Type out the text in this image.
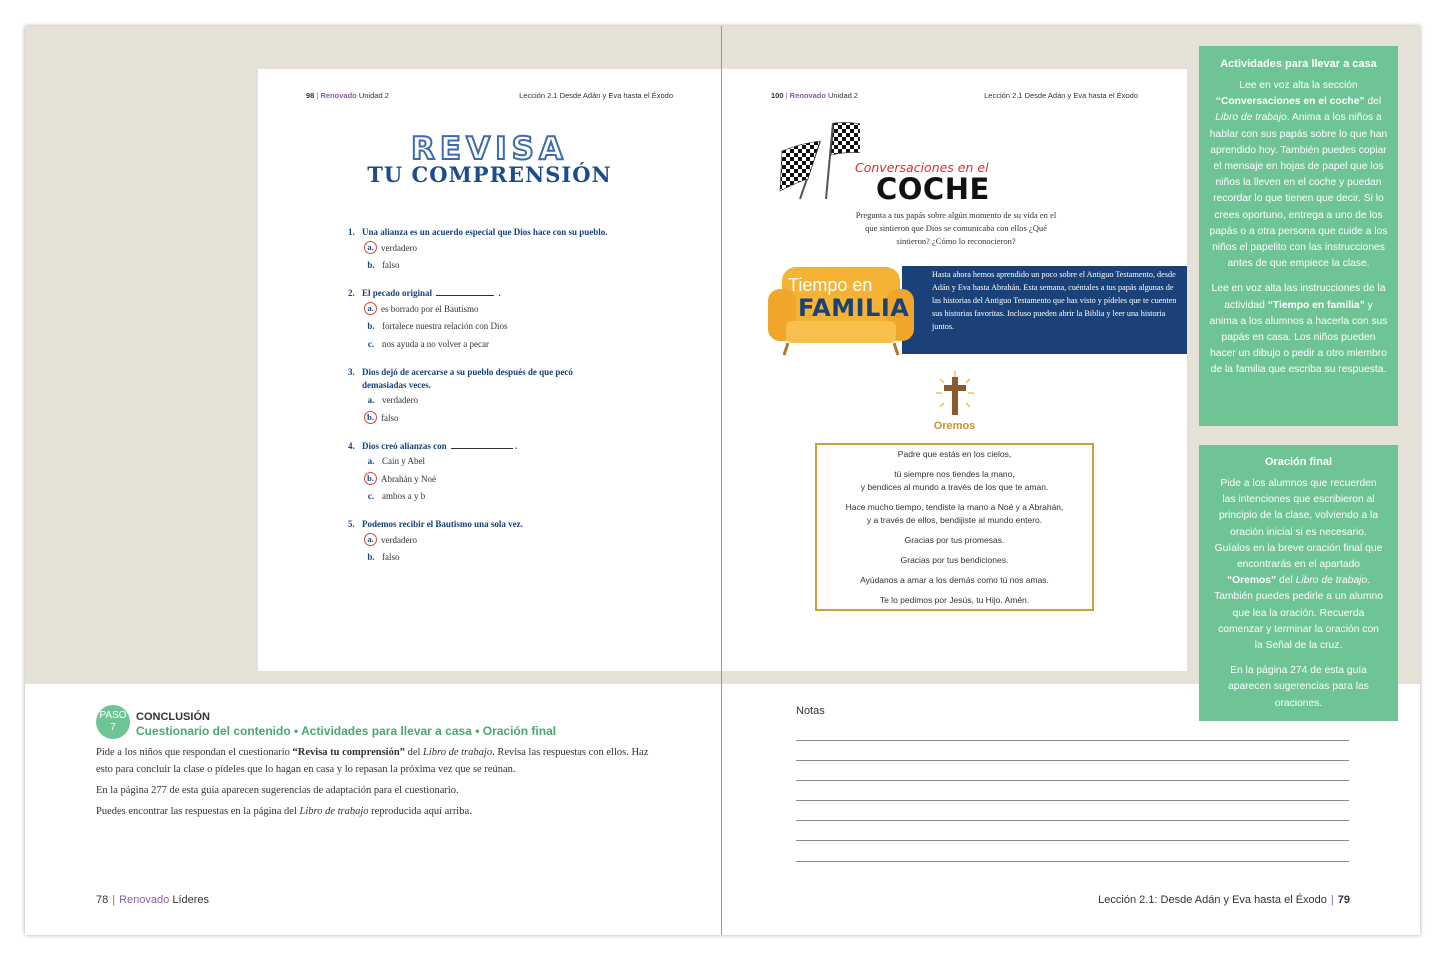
98 | Renovado Unidad 2	Lección 2.1 Desde Adán y Eva hasta el Éxodo
REVISA
TU COMPRENSIÓN
1. Una alianza es un acuerdo especial que Dios hace con su pueblo.
a. verdadero
b. falso
2. El pecado original	.
a. es borrado por el Bautismo
b. fortalece nuestra relación con Dios
c. nos ayuda a no volver a pecar
3. Dios dejó de acercarse a su pueblo después de que pecó demasiadas veces.
a. verdadero
b. falso
4. Dios creó alianzas con	.
a. Caín y Abel
b. Abrahán y Noé
c. ambos a y b
5. Podemos recibir el Bautismo una sola vez.
a. verdadero
b. falso
100 | Renovado Unidad 2	Lección 2.1 Desde Adán y Eva hasta el Éxodo
Conversaciones en el
COCHE
Pregunta a tus papás sobre algún momento de su vida en el que sintieron que Dios se comunicaba con ellos ¿Qué sintieron? ¿Cómo lo reconocieron?
Hasta ahora hemos aprendido un poco sobre el Antiguo Testamento, desde Adán y Eva hasta Abrahán. Esta semana, cuéntales a tus papás algunas de las historias del Antiguo Testamento que has visto y pídeles que te cuenten sus historias favoritas. Incluso pueden abrir la Biblia y leer una historia juntos.
Tiempo en
FAMILIA
Oremos
Padre que estás en los cielos,
tú siempre nos tiendes la mano,
y bendices al mundo a través de los que te aman.
Hace mucho tiempo, tendiste la mano a Noé y a Abrahán,
y a través de ellos, bendijiste al mundo entero.
Gracias por tus promesas.
Gracias por tus bendiciones.
Ayúdanos a amar a los demás como tú nos amas.
Te lo pedimos por Jesús, tu Hijo. Amén.
Actividades para llevar a casa

Lee en voz alta la sección
“Conversaciones en el coche” del Libro de trabajo. Anima a los niños a hablar con sus papás sobre lo que han aprendido hoy. También puedes copiar el mensaje en hojas de papel que los niños la lleven en el coche y puedan recordar lo que tienen que decir. Si lo crees oportuno, entrega a uno de los papás o a otra persona que cuide a los niños el papelito con las instrucciones antes de que empiece la clase.

Lee en voz alta las instrucciones de la actividad “Tiempo en familia” y anima a los alumnos a hacerla con sus papás en casa. Los niños pueden hacer un dibujo o pedir a otro miembro de la familia que escriba su respuesta.

Oración final

Pide a los alumnos que recuerden las intenciones que escribieron al principio de la clase, volviendo a la oración inicial si es necesario. Guíalos en la breve oración final que encontrarás en el apartado “Oremos” del Libro de trabajo. También puedes pedirle a un alumno que lea la oración. Recuerda comenzar y terminar la oración con la Señal de la cruz.

En la página 274 de esta guía aparecen sugerencias para las oraciones.

PASO
7
CONCLUSIÓN
Cuestionario del contenido • Actividades para llevar a casa • Oración final
Pide a los niños que respondan el cuestionario “Revisa tu comprensión” del Libro de trabajo. Revisa las respuestas con ellos. Haz esto para concluir la clase o pídeles que lo hagan en casa y lo repasan la próxima vez que se reúnan.
En la página 277 de esta guía aparecen sugerencias de adaptación para el cuestionario.
Puedes encontrar las respuestas en la página del Libro de trabajo reproducida aquí arriba.
Notas
78 | Renovado Líderes	Lección 2.1: Desde Adán y Eva hasta el Éxodo | 79
